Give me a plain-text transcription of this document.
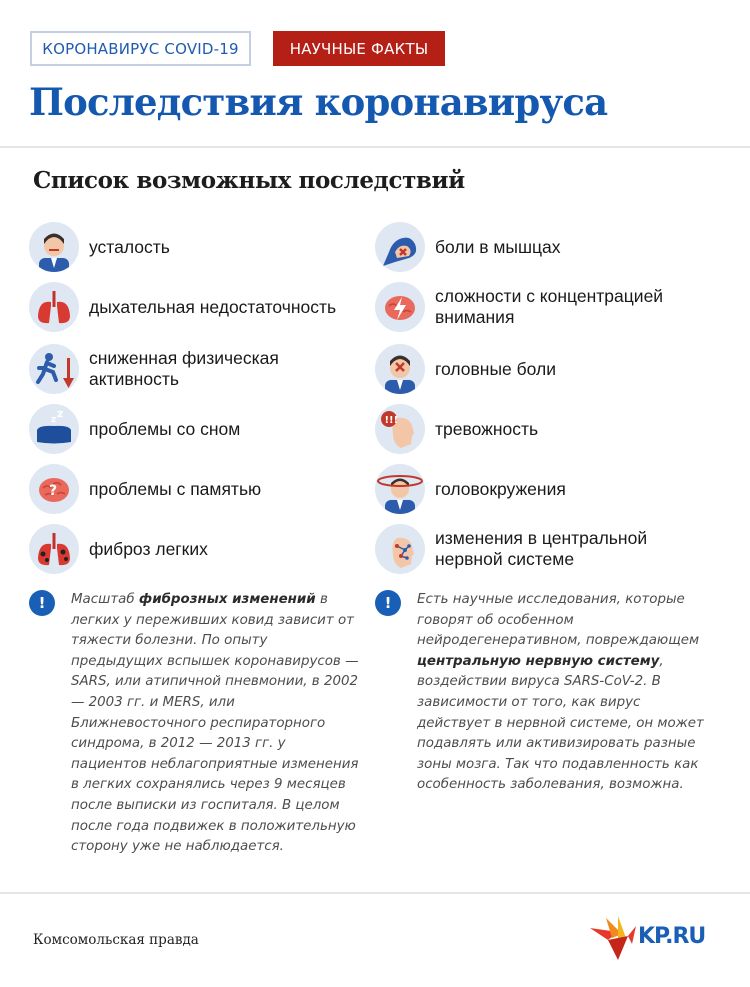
КОРОНАВИРУС COVID-19	НАУЧНЫЕ ФАКТЫ
Последствия коронавируса
Список возможных последствий
усталость
дыхательная недостаточность
сниженная физическая активность
z z
проблемы со сном
? проблемы с памятью
фиброз легких
боли в мышцах
сложности с концентрацией внимания
головные боли
!!! тревожность
головокружения
изменения в центральной нервной системе
!	Масштаб фиброзных изменений в легких у переживших ковид зависит от тяжести болезни. По опыту предыдущих вспышек коронавирусов — SARS, или атипичной пневмонии, в 2002 — 2003 гг. и MERS, или Ближневосточного респираторного синдрома, в 2012 — 2013 гг. у пациентов неблагоприятные изменения в легких сохранялись через 9 месяцев после выписки из госпиталя. В целом после года подвижек в положительную сторону уже не наблюдается.
!	Есть научные исследования, которые говорят об особенном нейродегенеративном, повреждающем центральную нервную систему, воздействии вируса SARS-CoV-2. В зависимости от того, как вирус действует в нервной системе, он может подавлять или активизировать разные зоны мозга. Так что подавленность как особенность заболевания, возможна.
Комсомольская правда	KP.RU
